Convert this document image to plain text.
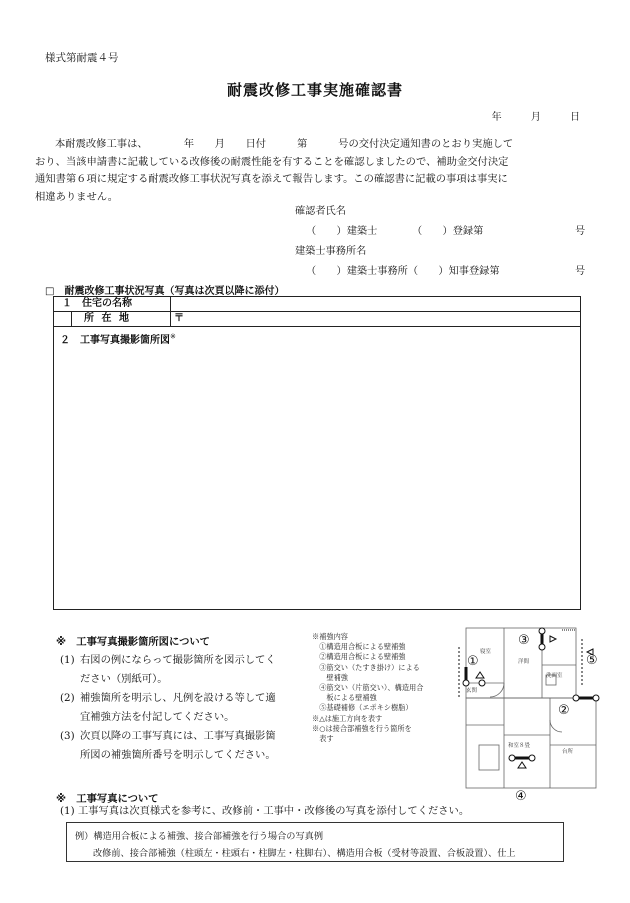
様式第耐震４号
耐震改修工事実施確認書
年	月	日
本耐震改修工事は、　　　　年　　月　　日付　　　第　　　号の交付決定通知書のとおり実施して
おり、当該申請書に記載している改修後の耐震性能を有することを確認しましたので、補助金交付決定
通知書第６項に規定する耐震改修工事状況写真を添えて報告します。この確認書に記載の事項は事実に
相違ありません。
確認者氏名
（　　）建築士	（　　）登録第	号
建築士事務所名
（　　）建築士事務所（　　）知事登録第	号
□　耐震改修工事状況写真（写真は次頁以降に添付）
１　住宅の名称
所 在 地	〒
２　工事写真撮影箇所図※
※　工事写真撮影箇所図について
(1) 右図の例にならって撮影箇所を図示してく
ださい（別紙可）。
(2) 補強箇所を明示し、凡例を設ける等して適
宜補強方法を付記してください。
(3) 次頁以降の工事写真には、工事写真撮影箇
所図の補強箇所番号を明示してください。
※補強内容
　①構造用合板による壁補強
　②構造用合板による壁補強
　③筋交い（たすき掛け）による
　　壁補強
　④筋交い（片筋交い）、構造用合
　　板による壁補強
　⑤基礎補修（エポキシ樹脂）
※△は施工方向を表す
※○は接合部補強を行う箇所を
　表す
寝室
洋間
洗面室
玄関
和室８畳
台所
①
②
③
④
⑤
※　工事写真について
(1) 工事写真は次頁様式を参考に、改修前・工事中・改修後の写真を添付してください。
例）構造用合板による補強、接合部補強を行う場合の写真例
改修前、接合部補強（柱頭左・柱頭右・柱脚左・柱脚右）、構造用合板（受材等設置、合板設置）、仕上
